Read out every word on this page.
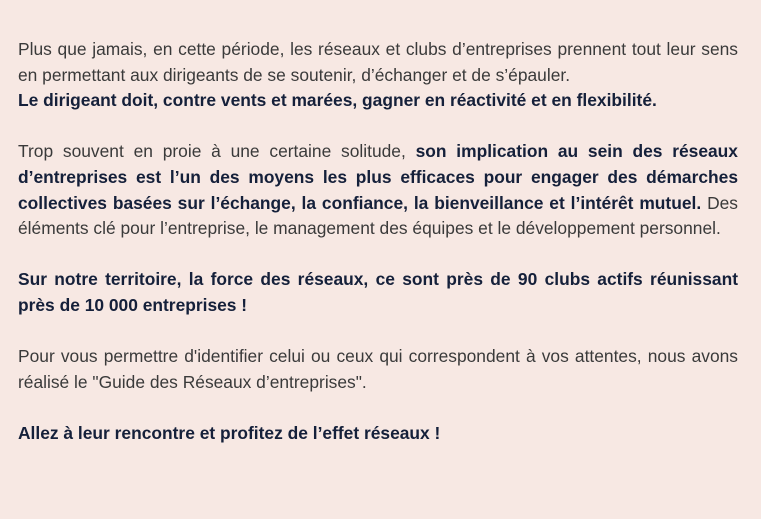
Plus que jamais, en cette période, les réseaux et clubs d’entreprises prennent tout leur sens en permettant aux dirigeants de se soutenir, d’échanger et de s’épauler.
Le dirigeant doit, contre vents et marées, gagner en réactivité et en flexibilité.

Trop souvent en proie à une certaine solitude, son implication au sein des réseaux d’entreprises est l’un des moyens les plus efficaces pour engager des démarches collectives basées sur l’échange, la confiance, la bienveillance et l’intérêt mutuel. Des éléments clé pour l’entreprise, le management des équipes et le développement personnel.

Sur notre territoire, la force des réseaux, ce sont près de 90 clubs actifs réunissant près de 10 000 entreprises !

Pour vous permettre d'identifier celui ou ceux qui correspondent à vos attentes, nous avons réalisé le "Guide des Réseaux d’entreprises".

Allez à leur rencontre et profitez de l’effet réseaux !
